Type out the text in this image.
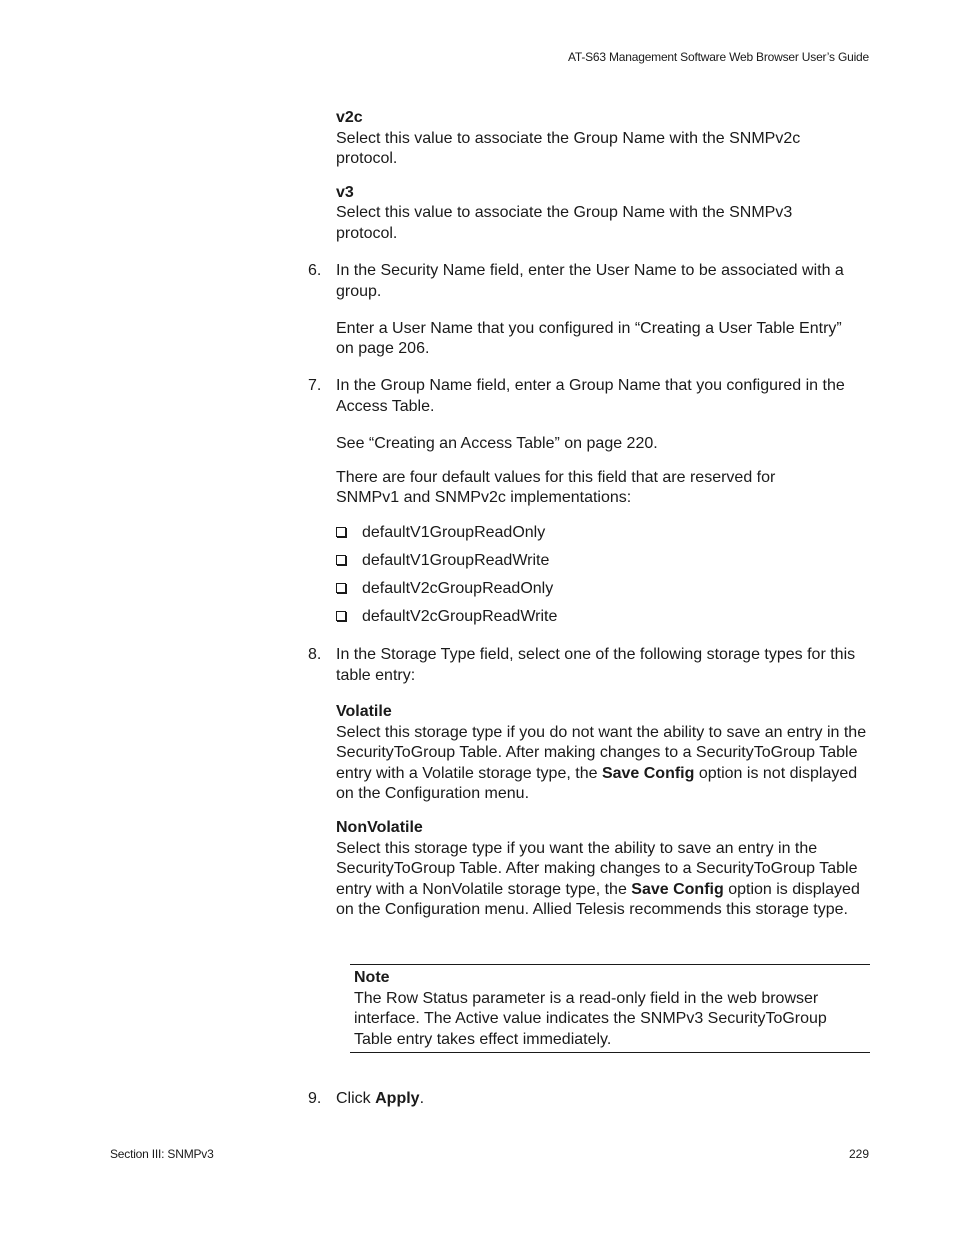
AT-S63 Management Software Web Browser User’s Guide
v2c
Select this value to associate the Group Name with the SNMPv2c protocol.
v3
Select this value to associate the Group Name with the SNMPv3 protocol.
6. In the Security Name field, enter the User Name to be associated with a group.
Enter a User Name that you configured in “Creating a User Table Entry” on page 206.
7. In the Group Name field, enter a Group Name that you configured in the Access Table.
See “Creating an Access Table” on page 220.
There are four default values for this field that are reserved for SNMPv1 and SNMPv2c implementations:
defaultV1GroupReadOnly
defaultV1GroupReadWrite
defaultV2cGroupReadOnly
defaultV2cGroupReadWrite
8. In the Storage Type field, select one of the following storage types for this table entry:
Volatile
Select this storage type if you do not want the ability to save an entry in the SecurityToGroup Table. After making changes to a SecurityToGroup Table entry with a Volatile storage type, the Save Config option is not displayed on the Configuration menu.
NonVolatile
Select this storage type if you want the ability to save an entry in the SecurityToGroup Table. After making changes to a SecurityToGroup Table entry with a NonVolatile storage type, the Save Config option is displayed on the Configuration menu. Allied Telesis recommends this storage type.
Note
The Row Status parameter is a read-only field in the web browser interface. The Active value indicates the SNMPv3 SecurityToGroup Table entry takes effect immediately.
9. Click Apply.
Section III: SNMPv3	229
